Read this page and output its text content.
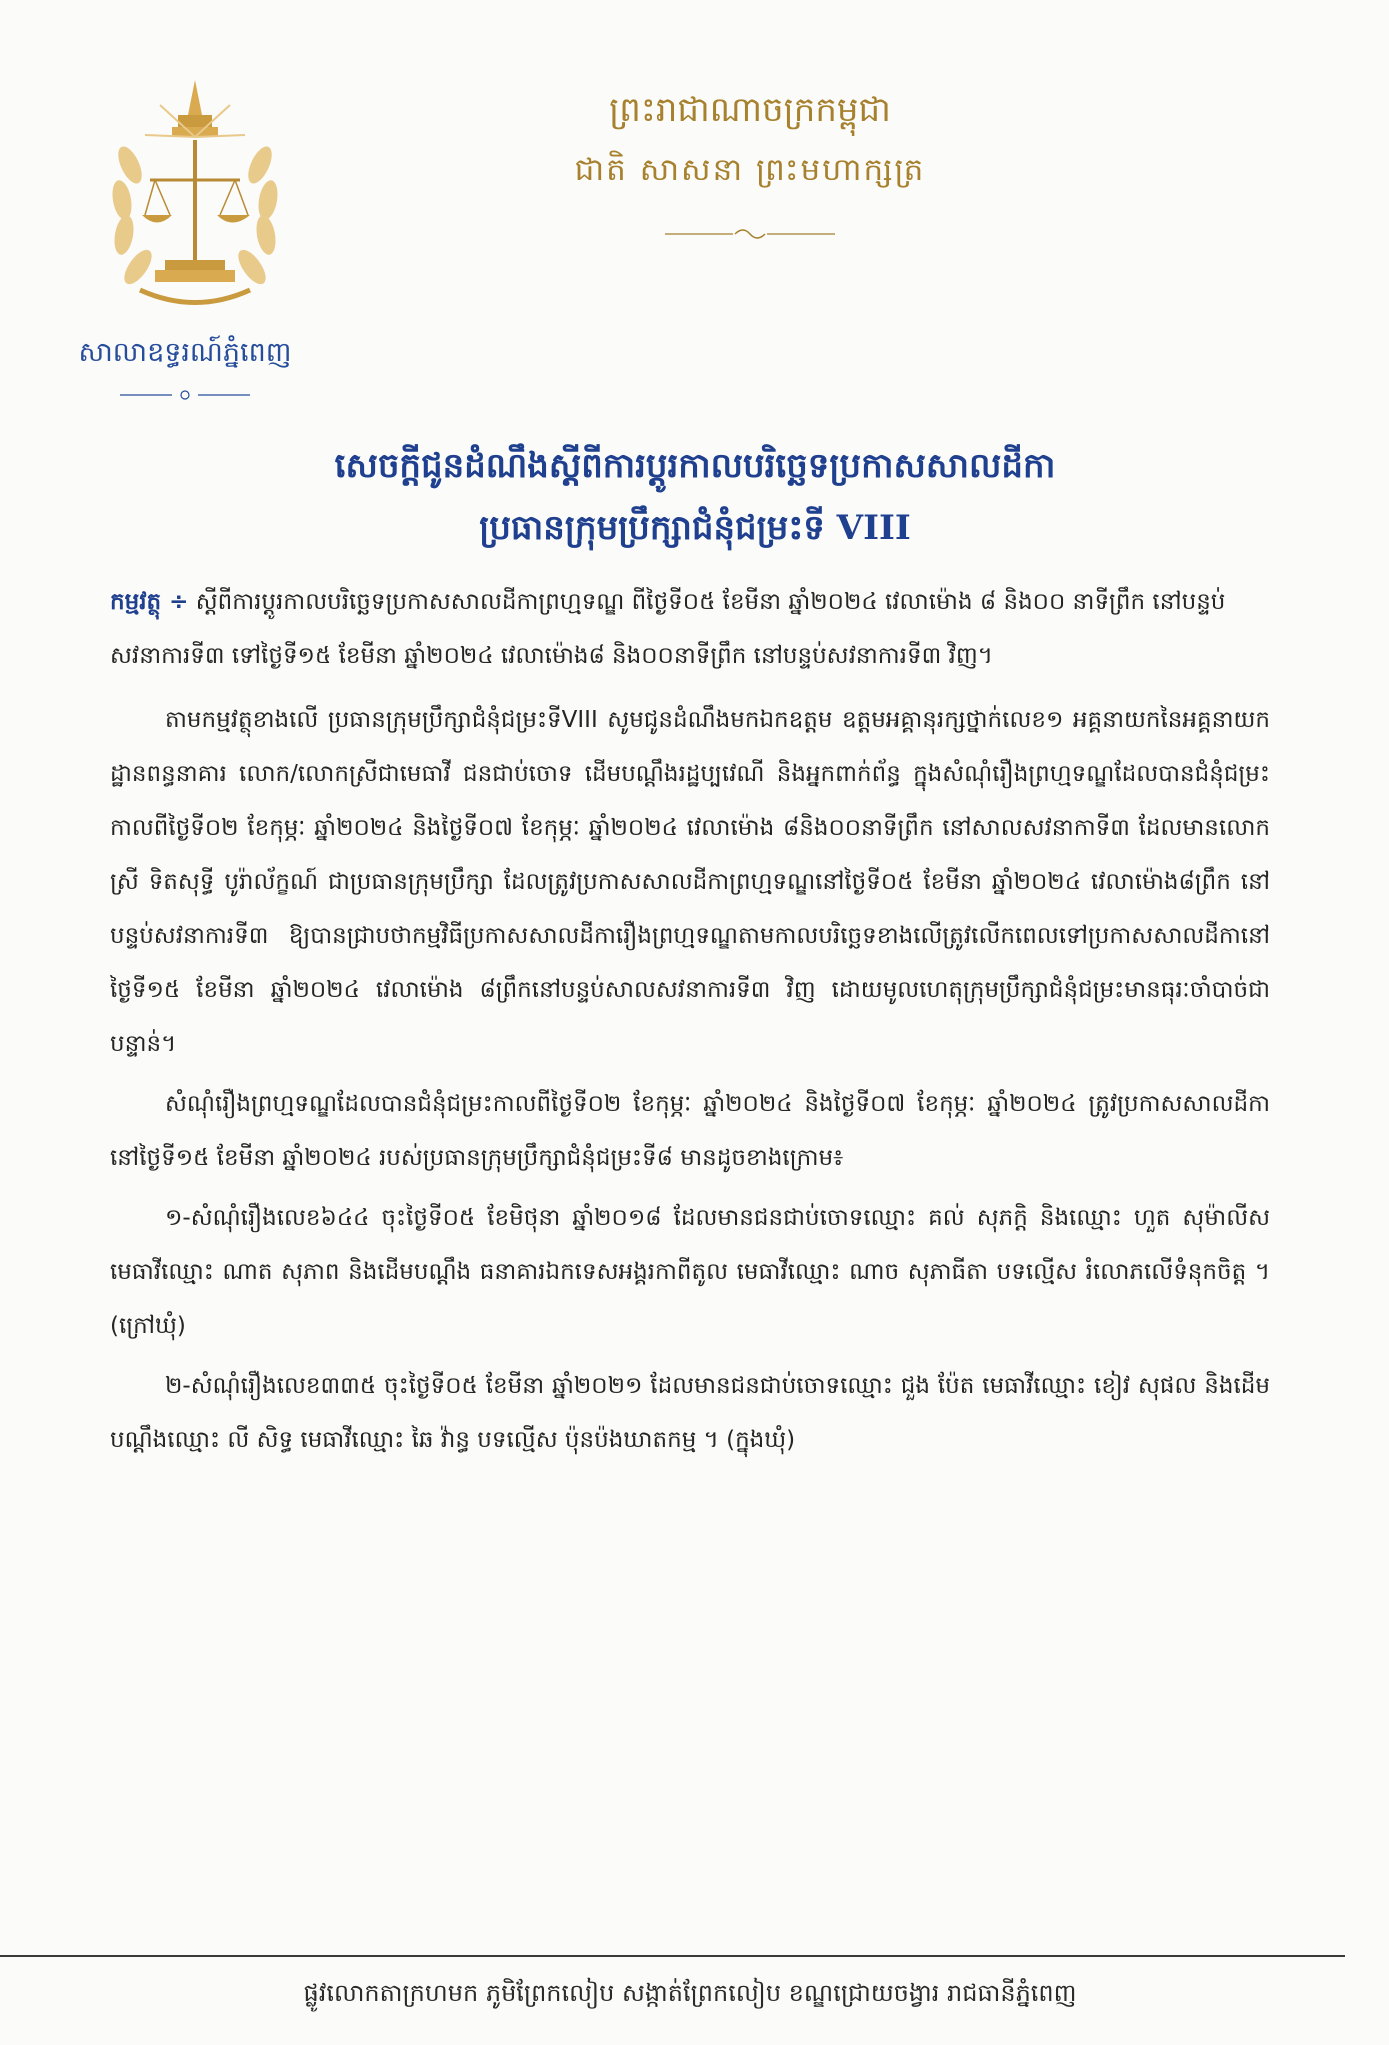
សាលាឧទ្ធរណ៍ភ្នំពេញ
ព្រះរាជាណាចក្រកម្ពុជា
ជាតិ សាសនា ព្រះមហាក្សត្រ
សេចក្តីជូនដំណឹងស្តីពីការប្តូរកាលបរិច្ឆេទប្រកាសសាលដីកា
ប្រធានក្រុមប្រឹក្សាជំនុំជម្រះទី VIII

កម្មវត្ថុ ÷ ស្តីពីការប្តូរកាលបរិច្ឆេទប្រកាសសាលដីកាព្រហ្មទណ្ឌ ពីថ្ងៃទី០៥ ខែមីនា ឆ្នាំ២០២៤ វេលាម៉ោង ៨ និង០០ នាទីព្រឹក នៅបន្ទប់សវនាការទី៣ ទៅថ្ងៃទី១៥ ខែមីនា ឆ្នាំ២០២៤ វេលាម៉ោង៨ និង០០នាទីព្រឹក នៅបន្ទប់សវនាការទី៣ វិញ។

តាមកម្មវត្ថុខាងលើ ប្រធានក្រុមប្រឹក្សាជំនុំជម្រះទីVIII សូមជូនដំណឹងមកឯកឧត្តម ឧត្តមអគ្គានុរក្សថ្នាក់លេខ១ អគ្គនាយកនៃអគ្គនាយកដ្ឋានពន្ធនាគារ លោក/លោកស្រីជាមេធាវី ជនជាប់ចោទ ដើមបណ្តឹងរដ្ឋប្បវេណី និងអ្នកពាក់ព័ន្ធ ក្នុងសំណុំរឿងព្រហ្មទណ្ឌដែលបានជំនុំជម្រះកាលពីថ្ងៃទី០២ ខែកុម្ភៈ ឆ្នាំ២០២៤ និងថ្ងៃទី០៧ ខែកុម្ភៈ ឆ្នាំ២០២៤ វេលាម៉ោង ៨និង០០នាទីព្រឹក នៅសាលសវនាកាទី៣ ដែលមានលោកស្រី ទិតសុទ្ធី បូរ៉ាល័ក្ខណ៍ ជាប្រធានក្រុមប្រឹក្សា ដែលត្រូវប្រកាសសាលដីកាព្រហ្មទណ្ឌនៅថ្ងៃទី០៥ ខែមីនា ឆ្នាំ២០២៤ វេលាម៉ោង៨ព្រឹក នៅបន្ទប់សវនាការទី៣ ឱ្យបានជ្រាបថាកម្មវិធីប្រកាសសាលដីការឿងព្រហ្មទណ្ឌតាមកាលបរិច្ឆេទខាងលើត្រូវលើកពេលទៅប្រកាសសាលដីកានៅថ្ងៃទី១៥ ខែមីនា ឆ្នាំ២០២៤ វេលាម៉ោង ៨ព្រឹកនៅបន្ទប់សាលសវនាការទី៣ វិញ ដោយមូលហេតុក្រុមប្រឹក្សាជំនុំជម្រះមានធុរៈចាំបាច់ជាបន្ទាន់។

សំណុំរឿងព្រហ្មទណ្ឌដែលបានជំនុំជម្រះកាលពីថ្ងៃទី០២ ខែកុម្ភៈ ឆ្នាំ២០២៤ និងថ្ងៃទី០៧ ខែកុម្ភៈ ឆ្នាំ២០២៤ ត្រូវប្រកាសសាលដីកានៅថ្ងៃទី១៥ ខែមីនា ឆ្នាំ២០២៤ របស់ប្រធានក្រុមប្រឹក្សាជំនុំជម្រះទី៨ មានដូចខាងក្រោម៖

១-សំណុំរឿងលេខ៦៤៤ ចុះថ្ងៃទី០៥ ខែមិថុនា ឆ្នាំ២០១៨ ដែលមានជនជាប់ចោទឈ្មោះ គល់ សុភក្តិ និងឈ្មោះ ហួត សុម៉ាលីស មេធាវីឈ្មោះ ណាត សុភាព និងដើមបណ្តឹង ធនាគារឯកទេសអង្គរកាពីតូល មេធាវីឈ្មោះ ណាច សុភាធីតា បទល្មើស រំលោភលើទំនុកចិត្ត ។ (ក្រៅឃុំ)

២-សំណុំរឿងលេខ៣៣៥ ចុះថ្ងៃទី០៥ ខែមីនា ឆ្នាំ២០២១ ដែលមានជនជាប់ចោទឈ្មោះ ជួង ប៉ែត មេធាវីឈ្មោះ ខៀវ សុផល និងដើមបណ្តឹងឈ្មោះ លី សិទ្ធ មេធាវីឈ្មោះ ឆៃ វ៉ាន្ធ បទល្មើស ប៉ុនប៉ងឃាតកម្ម ។ (ក្នុងឃុំ)

ផ្លូវលោកតាក្រហមក ភូមិព្រែកលៀប សង្កាត់ព្រែកលៀប ខណ្ឌជ្រោយចង្វារ រាជធានីភ្នំពេញ
